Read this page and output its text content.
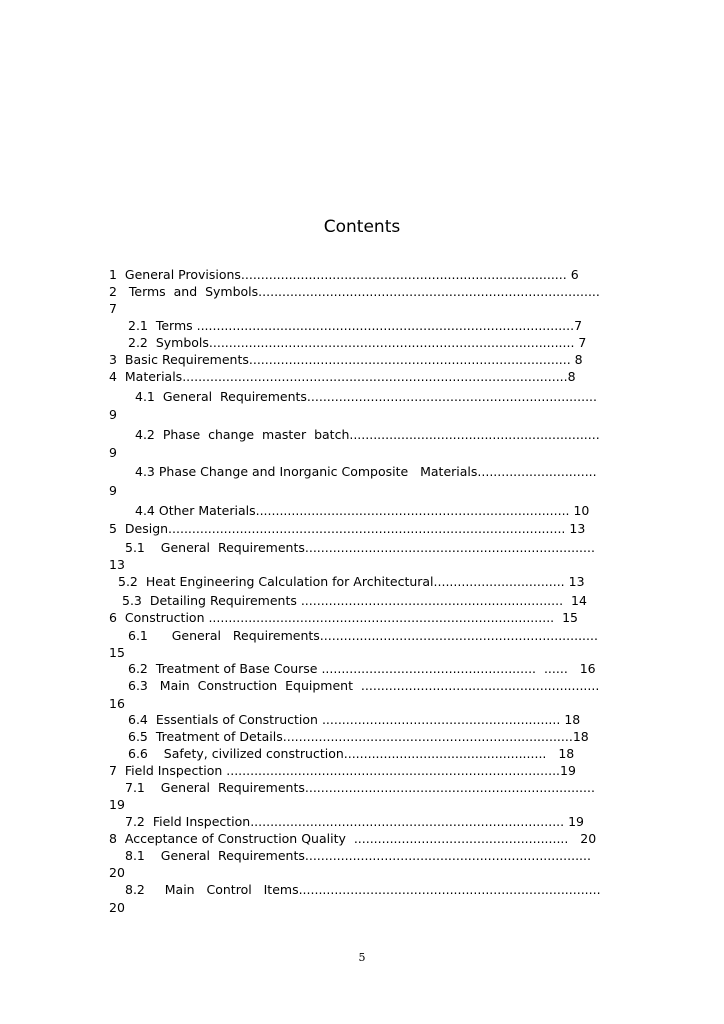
Contents
1  General Provisions.................................................................................. 6
2   Terms  and  Symbols......................................................................................
7
2.1  Terms ...............................................................................................7
2.2  Symbols............................................................................................ 7
3  Basic Requirements................................................................................. 8
4  Materials.................................................................................................8
4.1  General  Requirements.........................................................................
9
4.2  Phase  change  master  batch...............................................................
9
4.3 Phase Change and Inorganic Composite   Materials..............................
9
4.4 Other Materials............................................................................... 10
5  Design.................................................................................................... 13
5.1    General  Requirements.........................................................................
13
5.2  Heat Engineering Calculation for Architectural................................. 13
5.3  Detailing Requirements ..................................................................  14
6  Construction .......................................................................................  15
6.1      General   Requirements......................................................................
15
6.2  Treatment of Base Course ......................................................  ......   16
6.3   Main  Construction  Equipment  ............................................................
16
6.4  Essentials of Construction ............................................................ 18
6.5  Treatment of Details.........................................................................18
6.6    Safety, civilized construction...................................................   18
7  Field Inspection ....................................................................................19
7.1    General  Requirements.........................................................................
19
7.2  Field Inspection............................................................................... 19
8  Acceptance of Construction Quality  ......................................................   20
8.1    General  Requirements........................................................................
20
8.2     Main   Control   Items............................................................................
20
5
